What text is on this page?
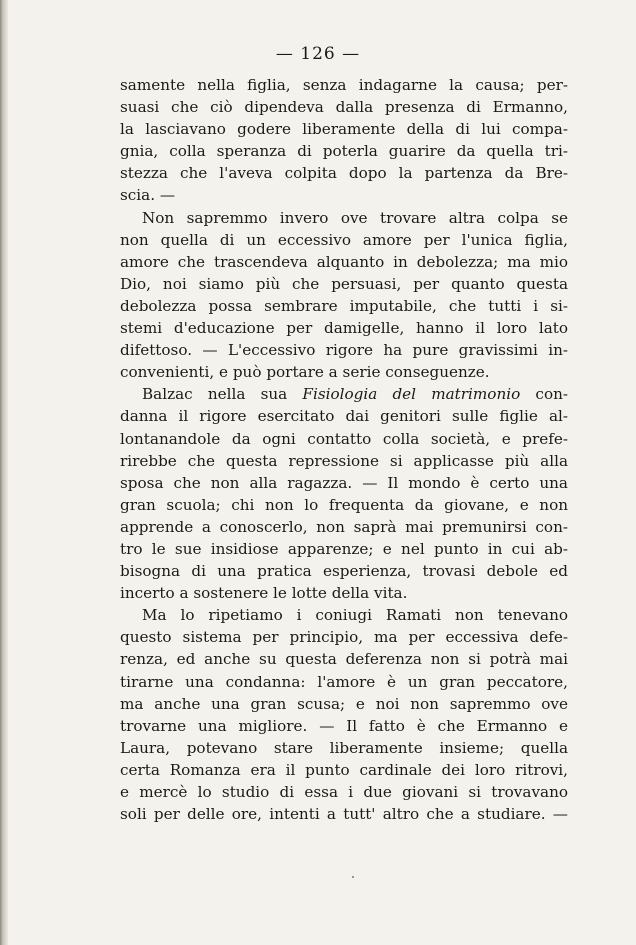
— 126 —
samente nella figlia, senza indagarne la causa; per-
suasi che ciò dipendeva dalla presenza di Ermanno,
la lasciavano godere liberamente della di lui compa-
gnia, colla speranza di poterla guarire da quella tri-
stezza che l'aveva colpita dopo la partenza da Bre-
scia. —
Non sapremmo invero ove trovare altra colpa se
non quella di un eccessivo amore per l'unica figlia,
amore che trascendeva alquanto in debolezza; ma mio
Dio, noi siamo più che persuasi, per quanto questa
debolezza possa sembrare imputabile, che tutti i si-
stemi d'educazione per damigelle, hanno il loro lato
difettoso. — L'eccessivo rigore ha pure gravissimi in-
convenienti, e può portare a serie conseguenze.
Balzac nella sua Fisiologia del matrimonio con-
danna il rigore esercitato dai genitori sulle figlie al-
lontanandole da ogni contatto colla società, e prefe-
rirebbe che questa repressione si applicasse più alla
sposa che non alla ragazza. — Il mondo è certo una
gran scuola; chi non lo frequenta da giovane, e non
apprende a conoscerlo, non saprà mai premunirsi con-
tro le sue insidiose apparenze; e nel punto in cui ab-
bisogna di una pratica esperienza, trovasi debole ed
incerto a sostenere le lotte della vita.
Ma lo ripetiamo i coniugi Ramati non tenevano
questo sistema per principio, ma per eccessiva defe-
renza, ed anche su questa deferenza non si potrà mai
tirarne una condanna: l'amore è un gran peccatore,
ma anche una gran scusa; e noi non sapremmo ove
trovarne una migliore. — Il fatto è che Ermanno e
Laura, potevano stare liberamente insieme; quella
certa Romanza era il punto cardinale dei loro ritrovi,
e mercè lo studio di essa i due giovani si trovavano
soli per delle ore, intenti a tutt' altro che a studiare. —
